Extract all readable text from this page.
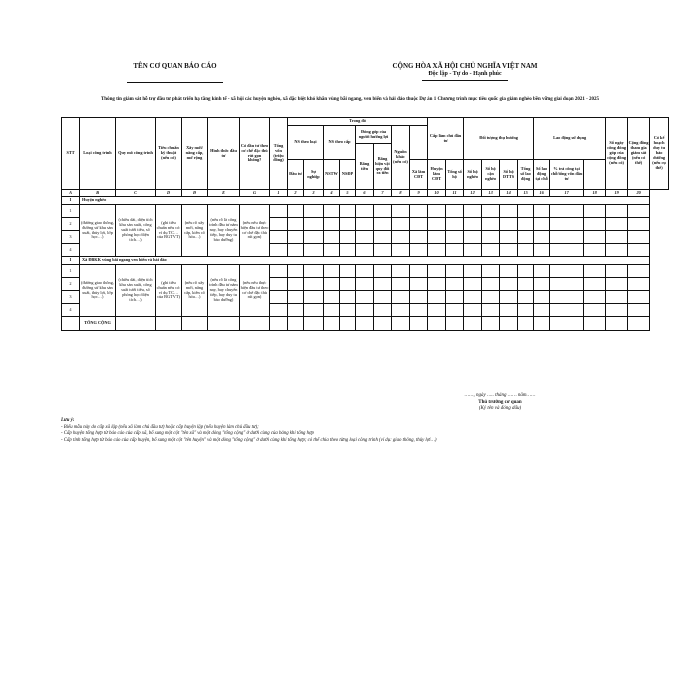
TÊN CƠ QUAN BÁO CÁO	CỘNG HÒA XÃ HỘI CHỦ NGHĨA VIỆT NAM
Độc lập - Tự do - Hạnh phúc
Thông tin giám sát hỗ trợ đầu tư phát triển hạ tầng kinh tế - xã hội các huyện nghèo, xã đặc biệt khó khăn vùng bãi ngang, ven biển và hải đảo thuộc Dự án 1 Chương trình mục tiêu quốc gia giảm nghèo bền vững giai đoạn 2021 - 2025
STT	Loại công trình	Quy mô công trình	Tiêu chuẩn kỹ thuật (nếu có)	Xây mới/ nâng cấp, mở rộng	Hình thức đầu tư	Có đầu tư theo cơ chế đặc thù rút gọn không?	Tổng vốn (triệu đồng)	Trong đó								Cấp làm chủ đầu tư		Đối tượng thụ hưởng				Lao động sử dụng			Số ngày công đóng góp của cộng đồng (nếu có)	Cộng đồng tham gia giám sát (nếu có thể)	Có kế hoạch duy tu bảo dưỡng (nếu cụ thể)
								NS theo loại		NS theo cấp		Đóng góp của người hưởng lợi		Nguồn khác (nếu có)													
												Bằng tiền	Bằng hiện vật quy đổi ra tiền														
								Đầu tư	Sự nghiệp	NSTW	NSĐP				Xã làm CĐT	Huyện làm CĐT	Tổng số hộ	Số hộ nghèo	Số hộ cận nghèo	Số hộ DTTS	Tổng số lao động	Số lao động tại chỗ	% trả công tại chỗ/tổng vốn đầu tư				
A	B	C	D	Đ	E	G	1	2	3	4	5	6	7	8	9	10	11	12	13	14	15	16	17	18	19	20	
I	Huyện nghèo																										
1	(đường giao thông, đường sử khu sản xuất, thủy lợi, lớp học…)	(chiều dài, diện tích khu sản xuất, công suất tưới tiêu, số phòng học/diện tích…)	(ghi tiêu chuẩn nếu có: ví dụ TC… của BGTVT)	(nếu rõ xây mới, nâng cấp, kiên cố hóa…)	(nếu rõ là công trình đầu tư năm nay, hay chuyển tiếp, hay duy tu bảo dưỡng)	(nếu nếu thực hiện đầu tư theo cơ chế đặc thù rút gọn)																					
2																											
3																											
4																											
I	Xã ĐBKK vùng bãi ngang ven biển và hải đảo																										
1	(đường giao thông, đường sử khu sản xuất, thủy lợi, lớp học…)	(chiều dài, diện tích khu sản xuất, công suất tưới tiêu, số phòng học/diện tích…)	(ghi tiêu chuẩn nếu có: ví dụ TC… của BGTVT)	(nếu rõ xây mới, nâng cấp, kiên cố hóa…)	(nếu rõ là công trình đầu tư năm nay, hay chuyển tiếp, hay duy tu bảo dưỡng)	(nếu nếu thực hiện đầu tư theo cơ chế đặc thù rút gọn)																					
2																											
3																											
4																											
	TỔNG CỘNG																										
……, ngày ….. tháng …… năm……
Thủ trưởng cơ quan
(Ký tên và đóng dấu)
Lưu ý:
- Biểu mẫu này do cấp xã lập (nếu xã làm chủ đầu tư) hoặc cấp huyện lập (nếu huyện làm chủ đầu tư);
- Cấp huyện tổng hợp từ báo cáo của cấp xã, bổ sung một cột "tên xã" và một dòng "tổng cộng" ở dưới cùng của bảng khi tổng hợp
- Cấp tỉnh tổng hợp từ báo cáo của cấp huyện, bổ sung một cột "tên huyện" và một dòng "tổng cộng" ở dưới cùng khi tổng hợp; có thể chia theo từng loại công trình (ví dụ: giao thông, thủy lợi…)
